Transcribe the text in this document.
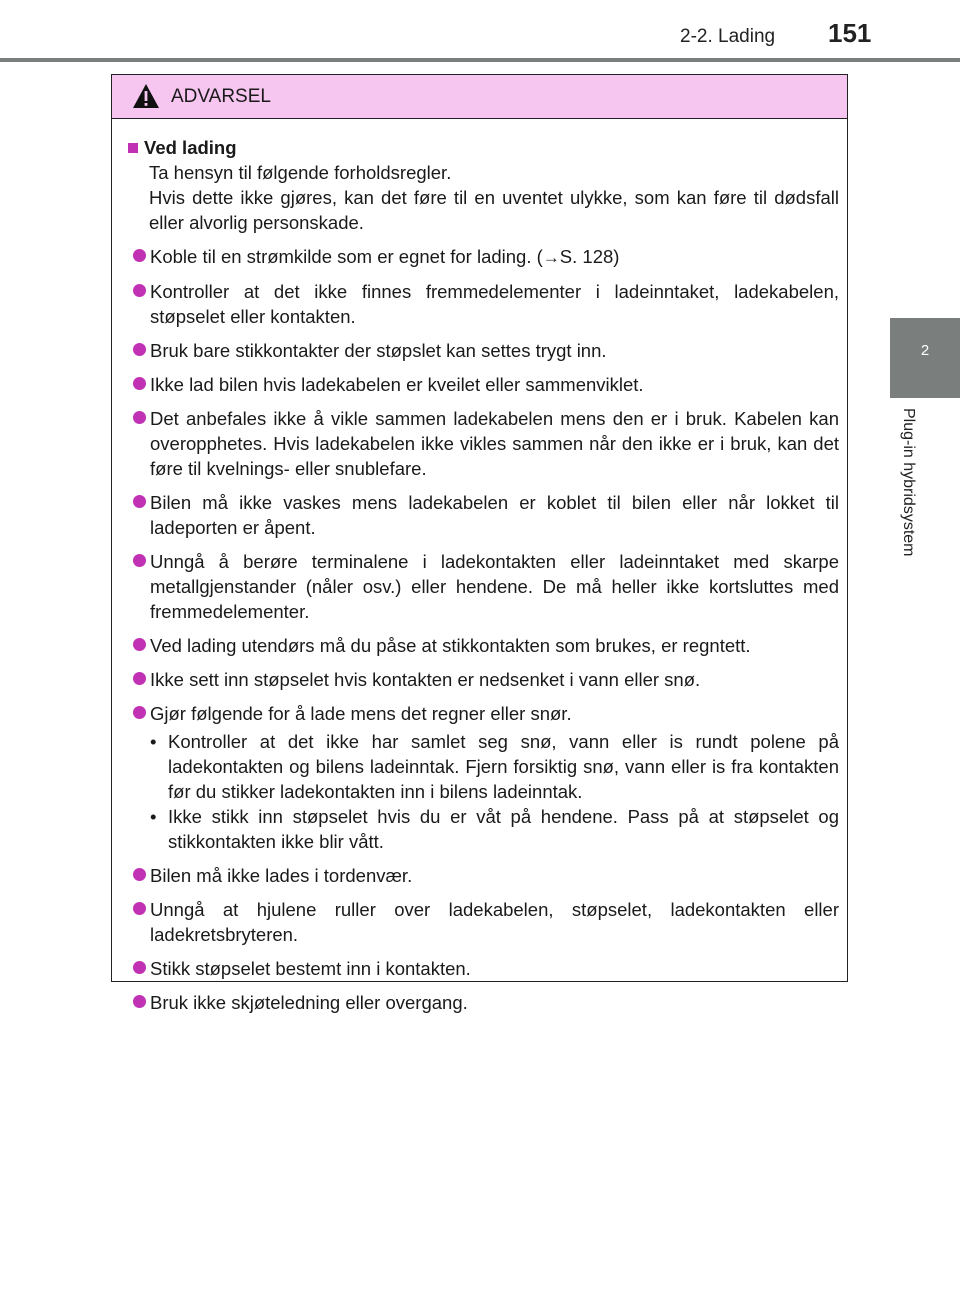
2-2. Lading 151
2
Plug-in hybridsystem
ADVARSEL
Ved lading

Ta hensyn til følgende forholdsregler.

Hvis dette ikke gjøres, kan det føre til en uventet ulykke, som kan føre til dødsfall eller alvorlig personskade.

Koble til en strømkilde som er egnet for lading. (→S. 128)
Kontroller at det ikke finnes fremmedelementer i ladeinntaket, ladekabelen, støpselet eller kontakten.
Bruk bare stikkontakter der støpslet kan settes trygt inn.
Ikke lad bilen hvis ladekabelen er kveilet eller sammenviklet.
Det anbefales ikke å vikle sammen ladekabelen mens den er i bruk. Kabelen kan overopphetes. Hvis ladekabelen ikke vikles sammen når den ikke er i bruk, kan det føre til kvelnings- eller snublefare.
Bilen må ikke vaskes mens ladekabelen er koblet til bilen eller når lokket til ladeporten er åpent.
Unngå å berøre terminalene i ladekontakten eller ladeinntaket med skarpe metallgjenstander (nåler osv.) eller hendene. De må heller ikke kortsluttes med fremmedelementer.
Ved lading utendørs må du påse at stikkontakten som brukes, er regntett.
Ikke sett inn støpselet hvis kontakten er nedsenket i vann eller snø.
Gjør følgende for å lade mens det regner eller snør.
• Kontroller at det ikke har samlet seg snø, vann eller is rundt polene på ladekontakten og bilens ladeinntak. Fjern forsiktig snø, vann eller is fra kontakten før du stikker ladekontakten inn i bilens ladeinntak.
• Ikke stikk inn støpselet hvis du er våt på hendene. Pass på at støpselet og stikkontakten ikke blir vått.
Bilen må ikke lades i tordenvær.
Unngå at hjulene ruller over ladekabelen, støpselet, ladekontakten eller ladekretsbryteren.
Stikk støpselet bestemt inn i kontakten.
Bruk ikke skjøteledning eller overgang.
